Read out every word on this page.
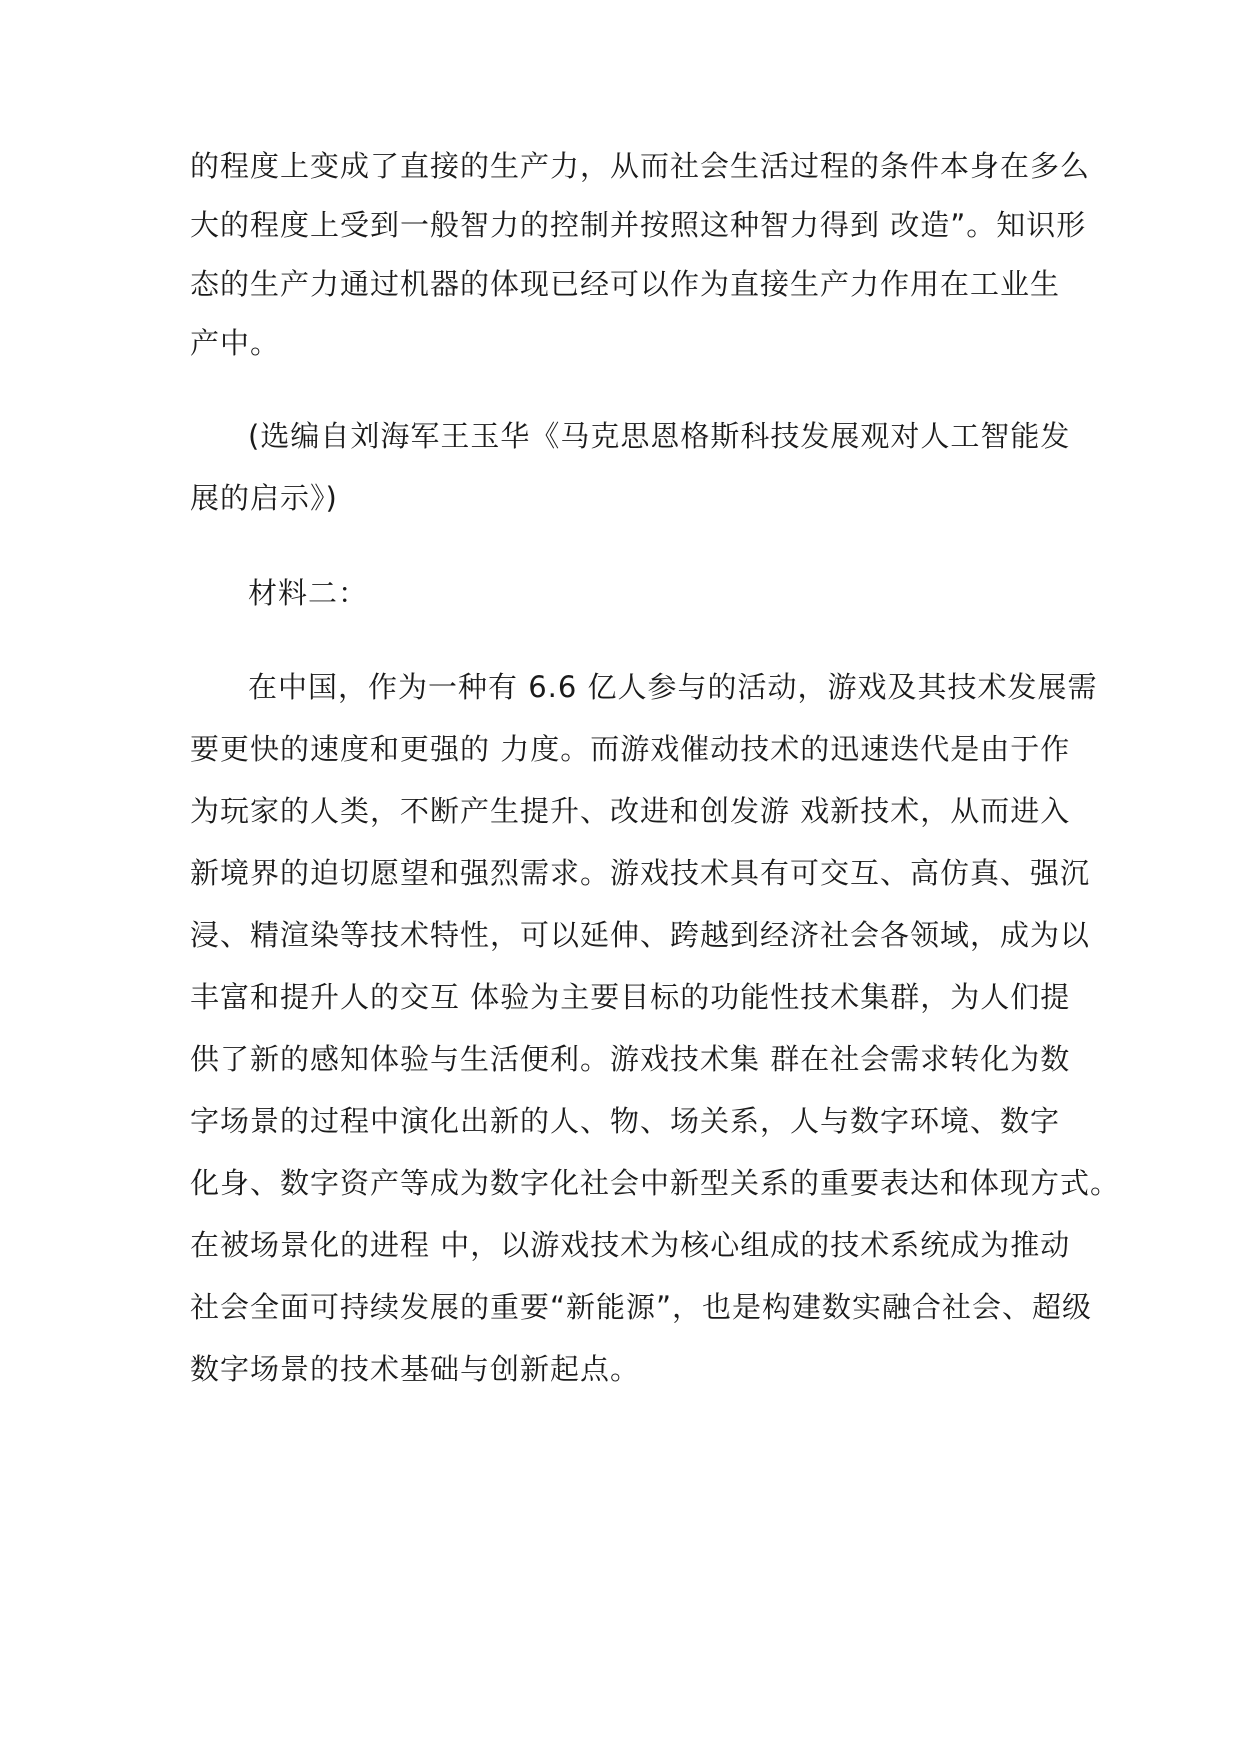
的程度上变成了直接的生产力，从而社会生活过程的条件本身在多么
大的程度上受到一般智力的控制并按照这种智力得到 改造”。知识形
态的生产力通过机器的体现已经可以作为直接生产力作用在工业生
产中。
(选编自刘海军王玉华《马克思恩格斯科技发展观对人工智能发
展的启示》)
材料二：
在中国，作为一种有 6.6 亿人参与的活动，游戏及其技术发展需
要更快的速度和更强的 力度。而游戏催动技术的迅速迭代是由于作
为玩家的人类，不断产生提升、改进和创发游 戏新技术，从而进入
新境界的迫切愿望和强烈需求。游戏技术具有可交互、高仿真、强沉
浸、精渲染等技术特性，可以延伸、跨越到经济社会各领域，成为以
丰富和提升人的交互 体验为主要目标的功能性技术集群，为人们提
供了新的感知体验与生活便利。游戏技术集 群在社会需求转化为数
字场景的过程中演化出新的人、物、场关系，人与数字环境、数字
化身、数字资产等成为数字化社会中新型关系的重要表达和体现方式。
在被场景化的进程 中，以游戏技术为核心组成的技术系统成为推动
社会全面可持续发展的重要“新能源”，也是构建数实融合社会、超级
数字场景的技术基础与创新起点。
